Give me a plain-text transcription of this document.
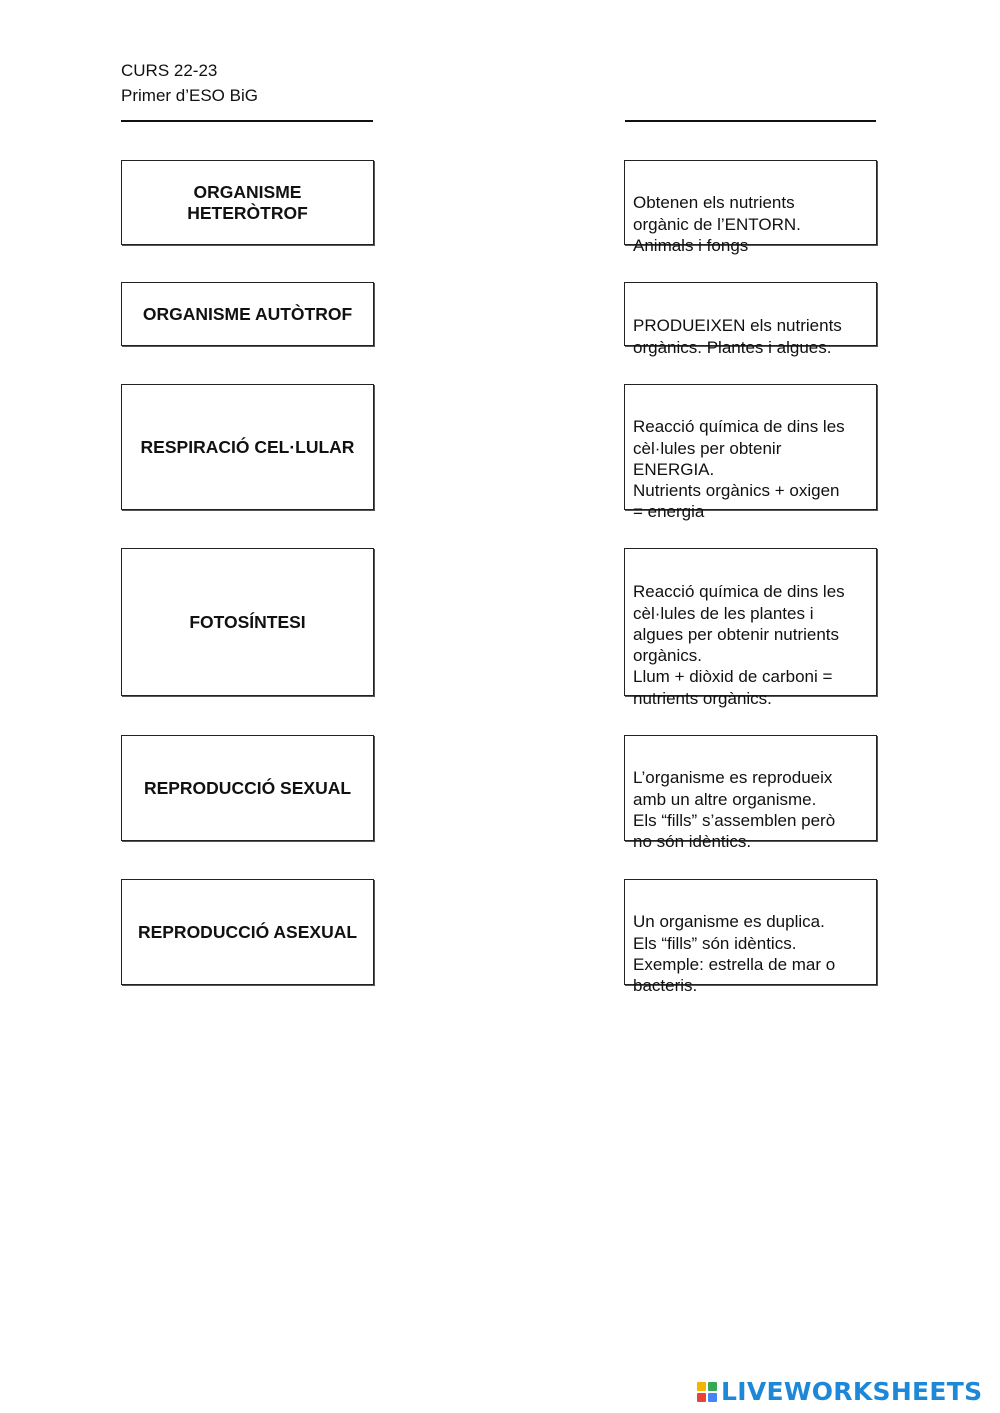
CURS 22-23
Primer d’ESO BiG
ORGANISME HETERÒTROF
ORGANISME AUTÒTROF
RESPIRACIÓ CEL·LULAR
FOTOSÍNTESI
REPRODUCCIÓ SEXUAL
REPRODUCCIÓ ASEXUAL

Obtenen els nutrients
orgànic de l’ENTORN.
Animals i fongs

PRODUEIXEN els nutrients
orgànics. Plantes i algues.

Reacció química de dins les
cèl·lules per obtenir
ENERGIA.
Nutrients orgànics + oxigen
= energia

Reacció química de dins les
cèl·lules de les plantes i
algues per obtenir nutrients
orgànics.
Llum + diòxid de carboni =
nutrients orgànics.

L’organisme es reprodueix
amb un altre organisme.
Els “fills” s’assemblen però
no són idèntics.

Un organisme es duplica.
Els “fills” són idèntics.
Exemple: estrella de mar o
bacteris.

LIVEWORKSHEETS
